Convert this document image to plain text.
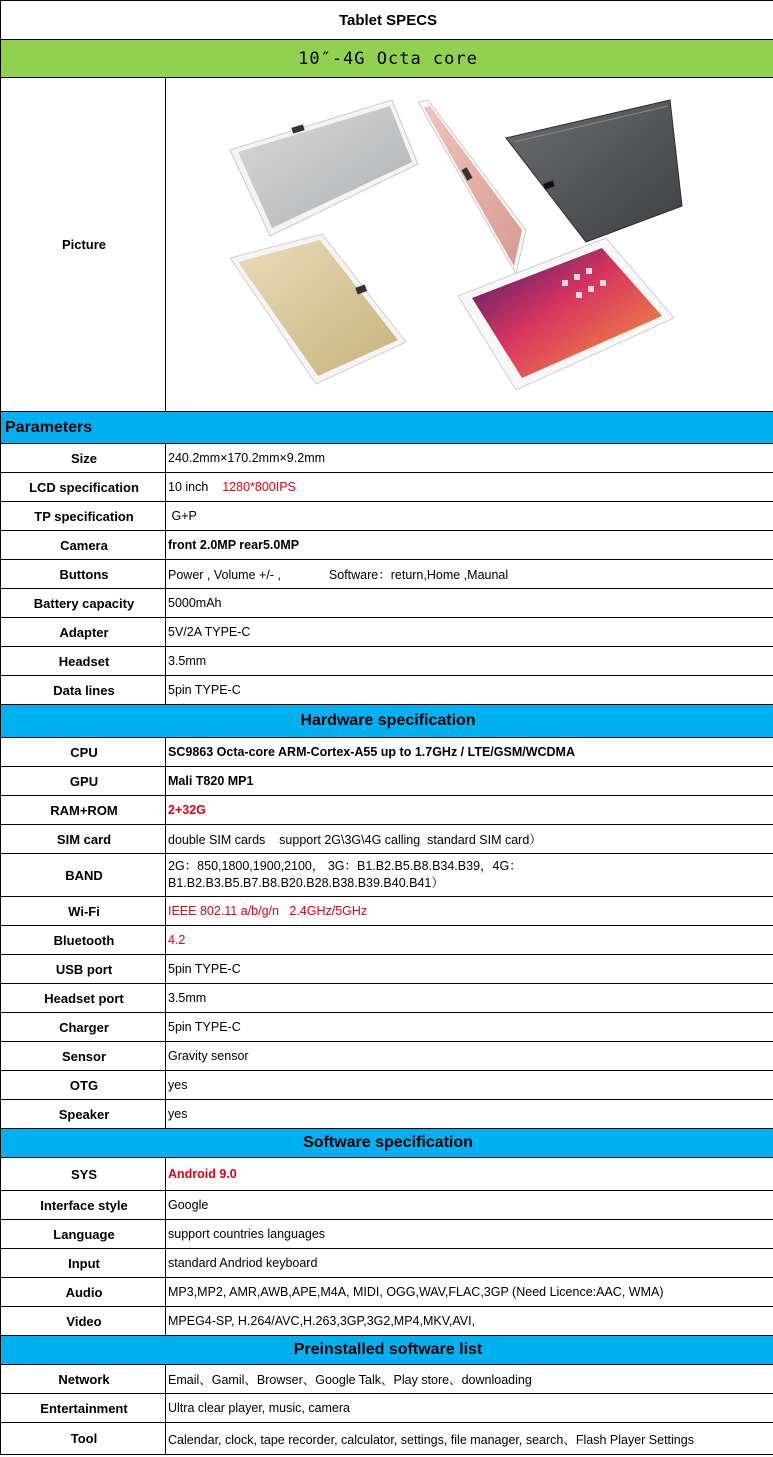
Tablet SPECS	
10″-4G Octa core	
Picture	
Parameters	
Size	240.2mm×170.2mm×9.2mm
LCD specification	10 inch 1280*800IPS
TP specification	G+P
Camera	front 2.0MP rear5.0MP
Buttons	Power , Volume +/- , Software：return,Home ,Maunal
Battery capacity	5000mAh
Adapter	5V/2A TYPE-C
Headset	3.5mm
Data lines	5pin TYPE-C
Hardware specification	
CPU	SC9863 Octa-core ARM-Cortex-A55 up to 1.7GHz / LTE/GSM/WCDMA
GPU	Mali T820 MP1
RAM+ROM	2+32G
SIM card	double SIM cards    support 2G\3G\4G calling  standard SIM card）
BAND	2G：850,1800,1900,2100， 3G：B1.B2.B5.B8.B34.B39，4G：B1.B2.B3.B5.B7.B8.B20.B28.B38.B39.B40.B41）
Wi-Fi	IEEE 802.11 a/b/g/n   2.4GHz/5GHz
Bluetooth	4.2
USB port	5pin TYPE-C
Headset port	3.5mm
Charger	5pin TYPE-C
Sensor	Gravity sensor
OTG	yes
Speaker	yes
Software specification	
SYS	Android 9.0
Interface style	Google
Language	support countries languages
Input	standard Andriod keyboard
Audio	MP3,MP2, AMR,AWB,APE,M4A, MIDI, OGG,WAV,FLAC,3GP (Need Licence:AAC, WMA)
Video	MPEG4-SP, H.264/AVC,H.263,3GP,3G2,MP4,MKV,AVI,
Preinstalled software list	
Network	Email、Gamil、Browser、Google Talk、Play store、downloading
Entertainment	Ultra clear player, music, camera
Tool	Calendar, clock, tape recorder, calculator, settings, file manager, search、Flash Player Settings
